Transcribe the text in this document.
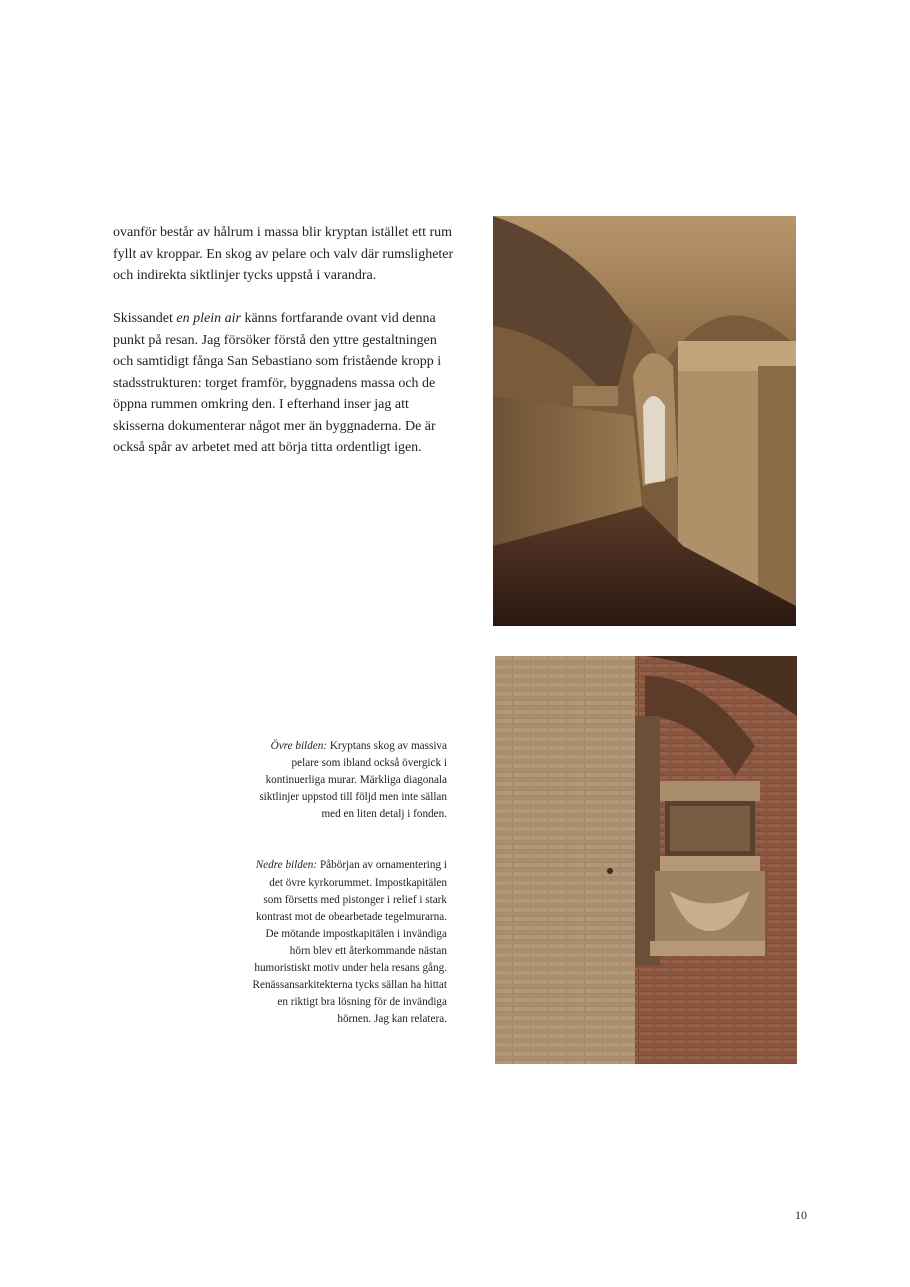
ovanför består av hålrum i massa blir kryptan istället ett rum fyllt av kroppar. En skog av pelare och valv där rumsligheter och indirekta siktlinjer tycks uppstå i varandra.

Skissandet en plein air känns fortfarande ovant vid denna punkt på resan. Jag försöker förstå den yttre gestaltningen och samtidigt fånga San Sebastiano som fristående kropp i stadsstrukturen: torget framför, byggnadens massa och de öppna rummen omkring den. I efterhand inser jag att skisserna dokumenterar något mer än byggnaderna. De är också spår av arbetet med att börja titta ordentligt igen.

Övre bilden: Kryptans skog av massiva pelare som ibland också övergick i kontinuerliga murar. Märkliga diagonala siktlinjer uppstod till följd men inte sällan med en liten detalj i fonden.

Nedre bilden: Påbörjan av ornamentering i det övre kyrkorummet. Impostkapitälen som försetts med pistonger i relief i stark kontrast mot de obearbetade tegelmurarna. De mötande impostkapitälen i invändiga hörn blev ett återkommande nästan humoristiskt motiv under hela resans gång. Renässansarkitekterna tycks sällan ha hittat en riktigt bra lösning för de invändiga hörnen. Jag kan relatera.

10
